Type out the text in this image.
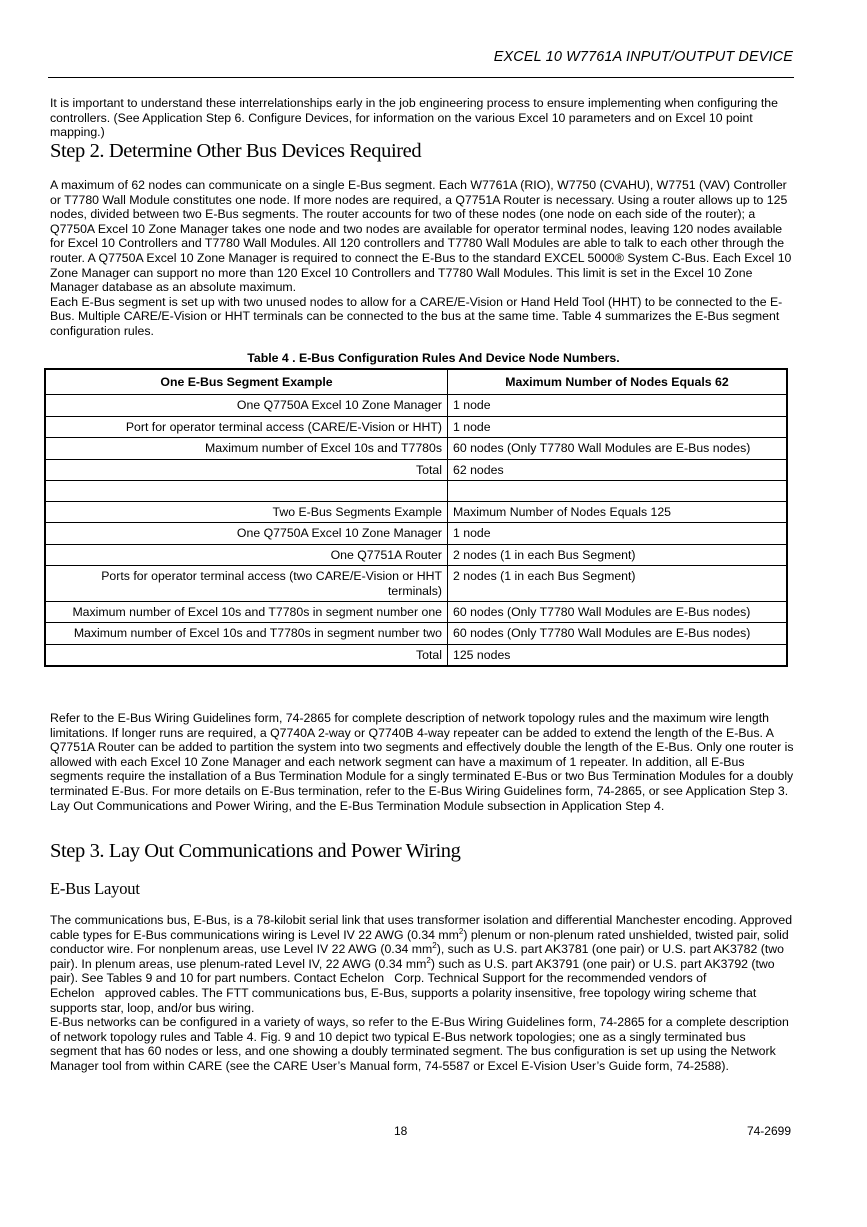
EXCEL 10 W7761A INPUT/OUTPUT DEVICE

It is important to understand these interrelationships early in the job engineering process to ensure implementing when configuring the controllers. (See Application Step 6. Configure Devices, for information on the various Excel 10 parameters and on Excel 10 point mapping.)

Step 2. Determine Other Bus Devices Required

A maximum of 62 nodes can communicate on a single E-Bus segment. Each W7761A (RIO), W7750 (CVAHU), W7751 (VAV) Controller or T7780 Wall Module constitutes one node. If more nodes are required, a Q7751A Router is necessary. Using a router allows up to 125 nodes, divided between two E-Bus segments. The router accounts for two of these nodes (one node on each side of the router); a Q7750A Excel 10 Zone Manager takes one node and two nodes are available for operator terminal nodes, leaving 120 nodes available for Excel 10 Controllers and T7780 Wall Modules. All 120 controllers and T7780 Wall Modules are able to talk to each other through the router. A Q7750A Excel 10 Zone Manager is required to connect the E-Bus to the standard EXCEL 5000® System C-Bus. Each Excel 10 Zone Manager can support no more than 120 Excel 10 Controllers and T7780 Wall Modules. This limit is set in the Excel 10 Zone Manager database as an absolute maximum.

Each E-Bus segment is set up with two unused nodes to allow for a CARE/E-Vision or Hand Held Tool (HHT) to be connected to the E-Bus. Multiple CARE/E-Vision or HHT terminals can be connected to the bus at the same time. Table 4 summarizes the E-Bus segment configuration rules.

Table 4 . E-Bus Configuration Rules And Device Node Numbers.
One E-Bus Segment Example	Maximum Number of Nodes Equals 62
One Q7750A Excel 10 Zone Manager	1 node
Port for operator terminal access (CARE/E-Vision or HHT)	1 node
Maximum number of Excel 10s and T7780s	60 nodes (Only T7780 Wall Modules are E-Bus nodes)
Total	62 nodes

Two E-Bus Segments Example	Maximum Number of Nodes Equals 125
One Q7750A Excel 10 Zone Manager	1 node
One Q7751A Router	2 nodes (1 in each Bus Segment)
Ports for operator terminal access (two CARE/E-Vision or HHT terminals)	2 nodes (1 in each Bus Segment)
Maximum number of Excel 10s and T7780s in segment number one	60 nodes (Only T7780 Wall Modules are E-Bus nodes)
Maximum number of Excel 10s and T7780s in segment number two	60 nodes (Only T7780 Wall Modules are E-Bus nodes)
Total	125 nodes

Refer to the E-Bus Wiring Guidelines form, 74-2865 for complete description of network topology rules and the maximum wire length limitations. If longer runs are required, a Q7740A 2-way or Q7740B 4-way repeater can be added to extend the length of the E-Bus. A Q7751A Router can be added to partition the system into two segments and effectively double the length of the E-Bus. Only one router is allowed with each Excel 10 Zone Manager and each network segment can have a maximum of 1 repeater. In addition, all E-Bus segments require the installation of a Bus Termination Module for a singly terminated E-Bus or two Bus Termination Modules for a doubly terminated E-Bus. For more details on E-Bus termination, refer to the E-Bus Wiring Guidelines form, 74-2865, or see Application Step 3. Lay Out Communications and Power Wiring, and the E-Bus Termination Module subsection in Application Step 4.

Step 3. Lay Out Communications and Power Wiring
E-Bus Layout

The communications bus, E-Bus, is a 78-kilobit serial link that uses transformer isolation and differential Manchester encoding. Approved cable types for E-Bus communications wiring is Level IV 22 AWG (0.34 $mm^2$) plenum or non-plenum rated unshielded, twisted pair, solid conductor wire. For nonplenum areas, use Level IV 22 AWG (0.34 $mm^2$), such as U.S. part AK3781 (one pair) or U.S. part AK3782 (two pair). In plenum areas, use plenum-rated Level IV, 22 AWG (0.34 $mm^2$) such as U.S. part AK3791 (one pair) or U.S. part AK3792 (two pair). See Tables 9 and 10 for part numbers. Contact Echelon   Corp. Technical Support for the recommended vendors of Echelon   approved cables. The FTT communications bus, E-Bus, supports a polarity insensitive, free topology wiring scheme that supports star, loop, and/or bus wiring.

E-Bus networks can be configured in a variety of ways, so refer to the E-Bus Wiring Guidelines form, 74-2865 for a complete description of network topology rules and Table 4. Fig. 9 and 10 depict two typical E-Bus network topologies; one as a singly terminated bus segment that has 60 nodes or less, and one showing a doubly terminated segment. The bus configuration is set up using the Network Manager tool from within CARE (see the CARE User’s Manual form, 74-5587 or Excel E-Vision User’s Guide form, 74-2588).

18	74-2699
